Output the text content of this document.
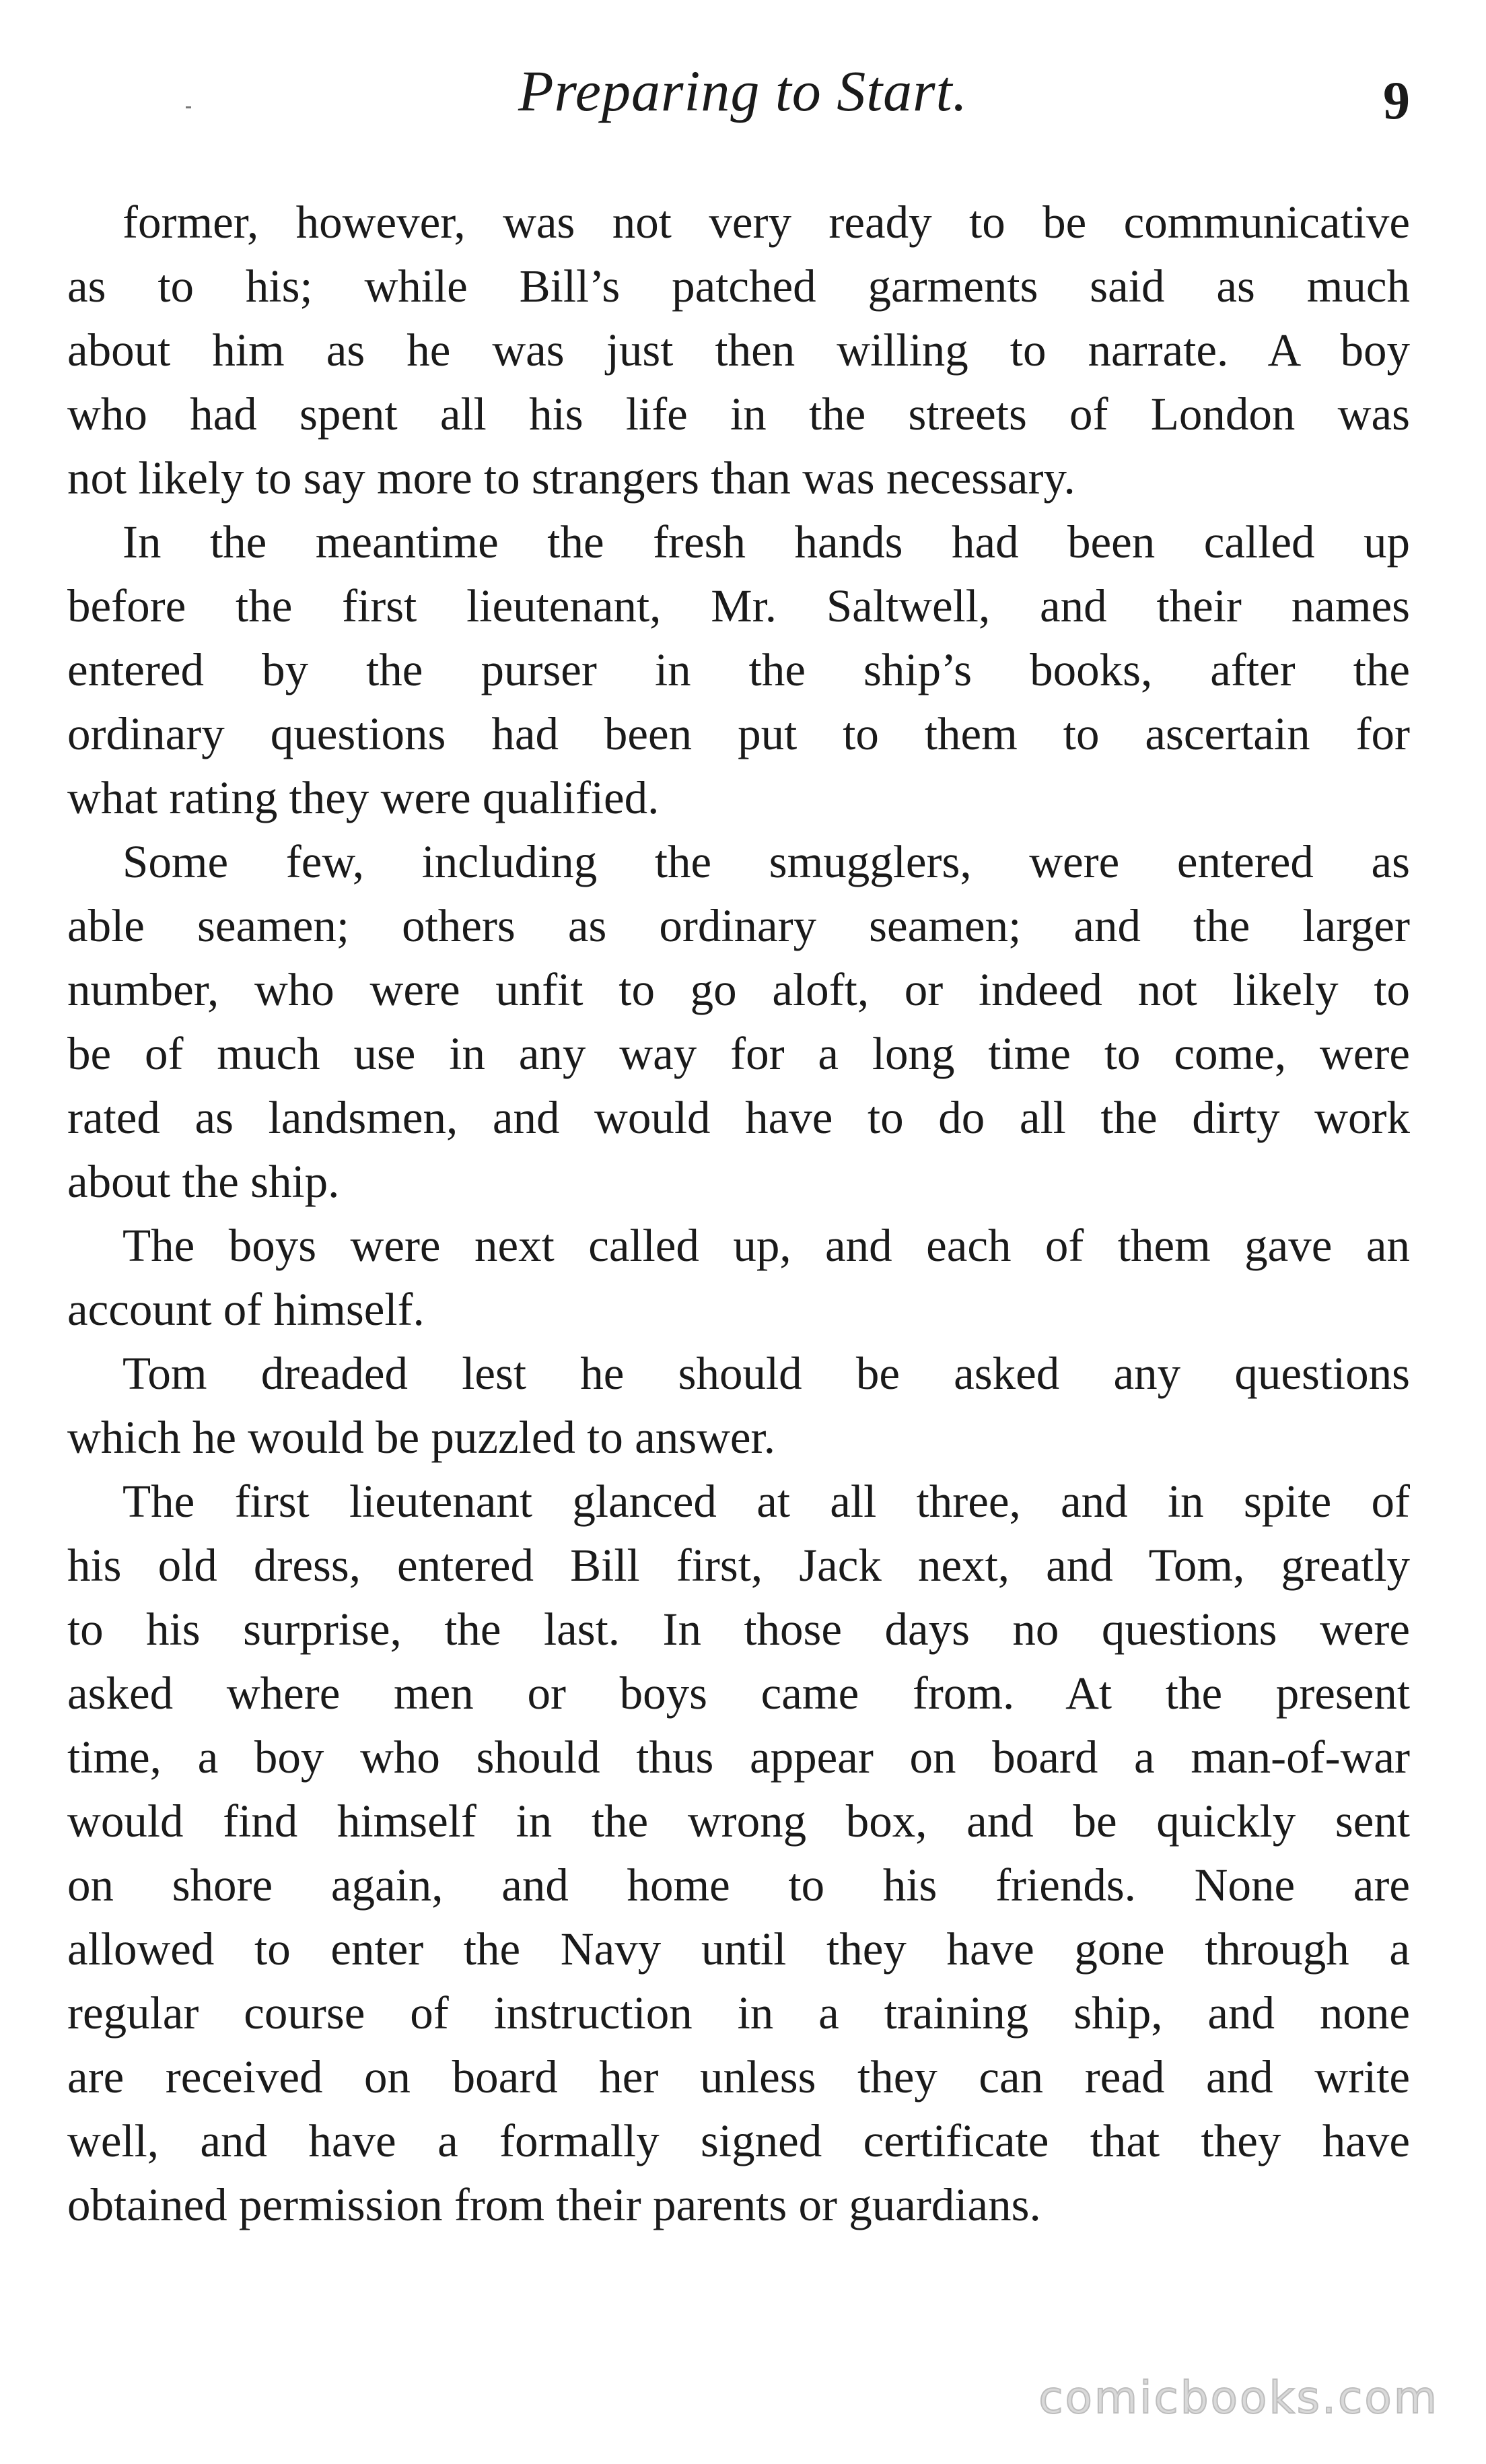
Preparing to Start.	9
former, however, was not very ready to be communicative
as to his; while Bill’s patched garments said as much
about him as he was just then willing to narrate. A boy
who had spent all his life in the streets of London was
not likely to say more to strangers than was necessary.
In the meantime the fresh hands had been called up
before the first lieutenant, Mr. Saltwell, and their names
entered by the purser in the ship’s books, after the
ordinary questions had been put to them to ascertain for
what rating they were qualified.
Some few, including the smugglers, were entered as
able seamen; others as ordinary seamen; and the larger
number, who were unfit to go aloft, or indeed not likely to
be of much use in any way for a long time to come, were
rated as landsmen, and would have to do all the dirty work
about the ship.
The boys were next called up, and each of them gave an
account of himself.
Tom dreaded lest he should be asked any questions
which he would be puzzled to answer.
The first lieutenant glanced at all three, and in spite of
his old dress, entered Bill first, Jack next, and Tom, greatly
to his surprise, the last. In those days no questions were
asked where men or boys came from. At the present
time, a boy who should thus appear on board a man-of-war
would find himself in the wrong box, and be quickly sent
on shore again, and home to his friends. None are
allowed to enter the Navy until they have gone through a
regular course of instruction in a training ship, and none
are received on board her unless they can read and write
well, and have a formally signed certificate that they have
obtained permission from their parents or guardians.
comicbooks.com
